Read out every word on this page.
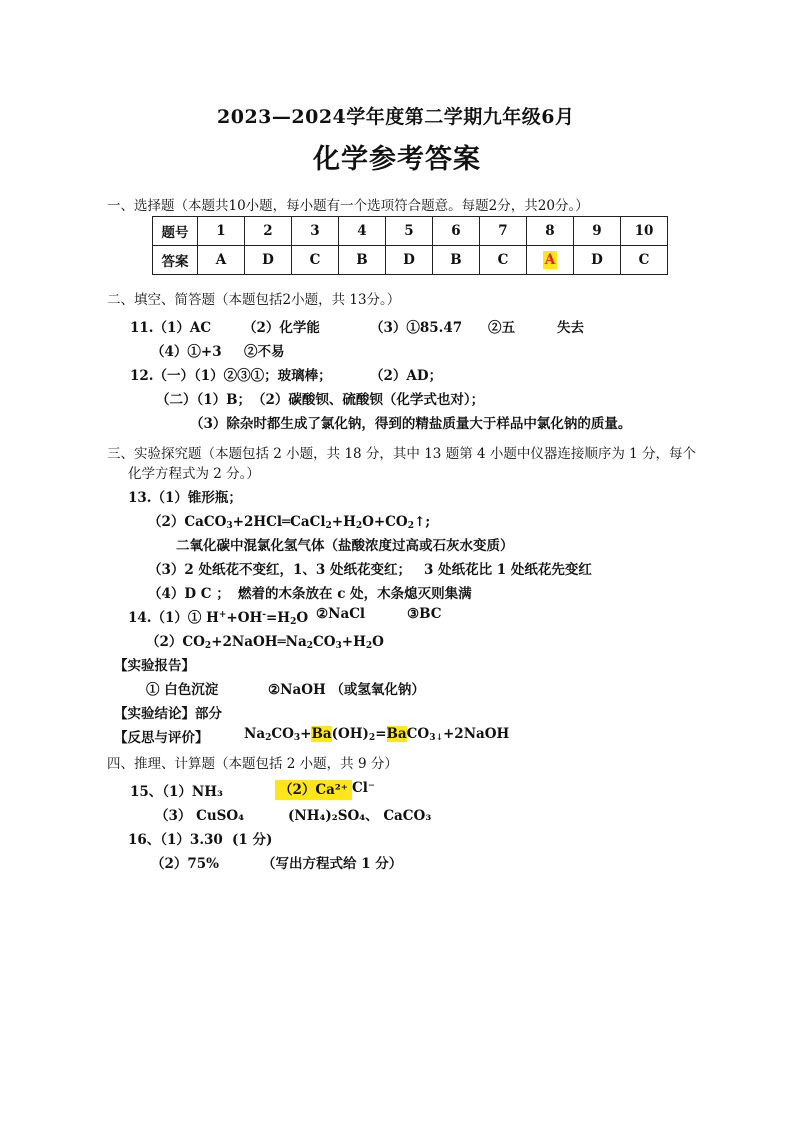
2023—2024学年度第二学期九年级6月
化学参考答案
一、选择题（本题共10小题，每小题有一个选项符合题意。每题2分，共20分。）
题号	1	2	3	4	5	6	7	8	9	10
答案	A	D	C	B	D	B	C	A	D	C
二、填空、简答题（本题包括2小题，共 13分。）
11.（1）AC （2）化学能	（3）①85.47 ②五	失去
（4）①+3 ②不易
12.（一）（1）②③①；玻璃棒；	（2）AD；
（二）（1）B； （2）碳酸钡、硫酸钡（化学式也对）；
（3）除杂时都生成了氯化钠，得到的精盐质量大于样品中氯化钠的质量。
三、实验探究题（本题包括 2 小题，共 18 分，其中 13 题第 4 小题中仪器连接顺序为 1 分，每个
化学方程式为 2 分。）
13.（1）锥形瓶；
$(2)CaCO_3+2HCl═CaCl_2+H_2O+CO_2↑$;
二氧化碳中混氯化氢气体（盐酸浓度过高或石灰水变质）
（3）2 处纸花不变红，1、3 处纸花变红； 3 处纸花比 1 处纸花先变红
（4）D C ； 燃着的木条放在 c 处，木条熄灭则集满
14.（1）① $H^++OH^-=H_2O$ ②NaCl	③BC
$(2)CO_2+2NaOH═Na_2CO_3+H_2O$
【实验报告】
① 白色沉淀	②NaOH （或氢氧化钠）
【实验结论】部分
【反思与评价】	$Na_2CO_3+Ba(OH)_2=BaCO_{3↓}+2NaOH$
四、推理、计算题（本题包括 2 小题，共 9 分）
15、（1）NH₃	（2）Ca²⁺ Cl⁻
（3） CuSO₄	(NH₄)₂SO₄、 CaCO₃
16、（1）3.30 (1 分)
（2）75%	（写出方程式给 1 分）
